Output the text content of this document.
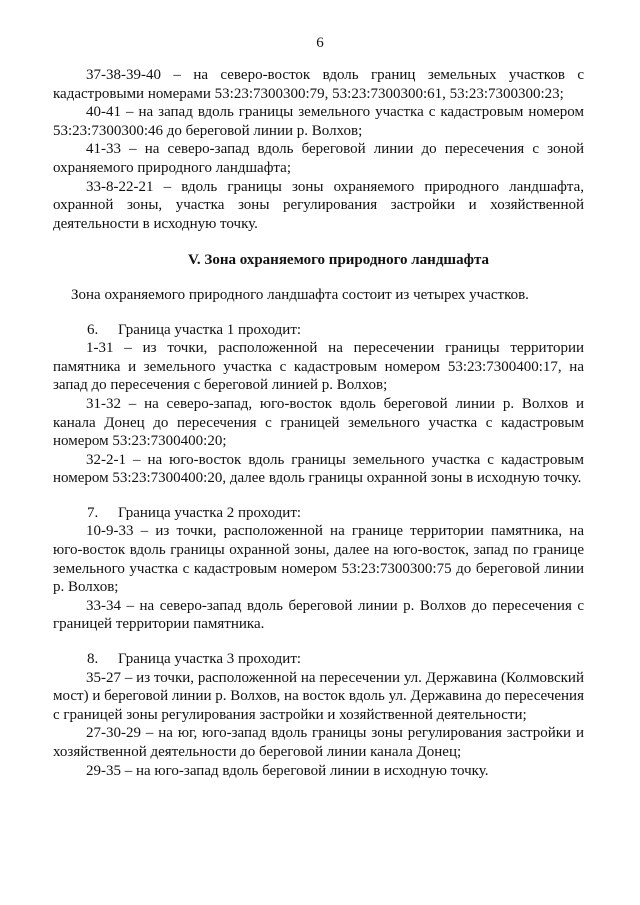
6

37-38-39-40 – на северо-восток вдоль границ земельных участков с кадастровыми номерами 53:23:7300300:79, 53:23:7300300:61, 53:23:7300300:23;

40-41 – на запад вдоль границы земельного участка с кадастровым номером 53:23:7300300:46 до береговой линии р. Волхов;

41-33 – на северо-запад вдоль береговой линии до пересечения с зоной охраняемого природного ландшафта;

33-8-22-21 – вдоль границы зоны охраняемого природного ландшафта, охранной зоны, участка зоны регулирования застройки и хозяйственной деятельности в исходную точку.

V. Зона охраняемого природного ландшафта

Зона охраняемого природного ландшафта состоит из четырех участков.

6. Граница участка 1 проходит:

1-31 – из точки, расположенной на пересечении границы территории памятника и земельного участка с кадастровым номером 53:23:7300400:17, на запад до пересечения с береговой линией р. Волхов;

31-32 – на северо-запад, юго-восток вдоль береговой линии р. Волхов и канала Донец до пересечения с границей земельного участка с кадастровым номером 53:23:7300400:20;

32-2-1 – на юго-восток вдоль границы земельного участка с кадастровым номером 53:23:7300400:20, далее вдоль границы охранной зоны в исходную точку.

7. Граница участка 2 проходит:

10-9-33 – из точки, расположенной на границе территории памятника, на юго-восток вдоль границы охранной зоны, далее на юго-восток, запад по границе земельного участка с кадастровым номером 53:23:7300300:75 до береговой линии р. Волхов;

33-34 – на северо-запад вдоль береговой линии р. Волхов до пересечения с границей территории памятника.

8. Граница участка 3 проходит:

35-27 – из точки, расположенной на пересечении ул. Державина (Колмовский мост) и береговой линии р. Волхов, на восток вдоль ул. Державина до пересечения с границей зоны регулирования застройки и хозяйственной деятельности;

27-30-29 – на юг, юго-запад вдоль границы зоны регулирования застройки и хозяйственной деятельности до береговой линии канала Донец;

29-35 – на юго-запад вдоль береговой линии в исходную точку.
